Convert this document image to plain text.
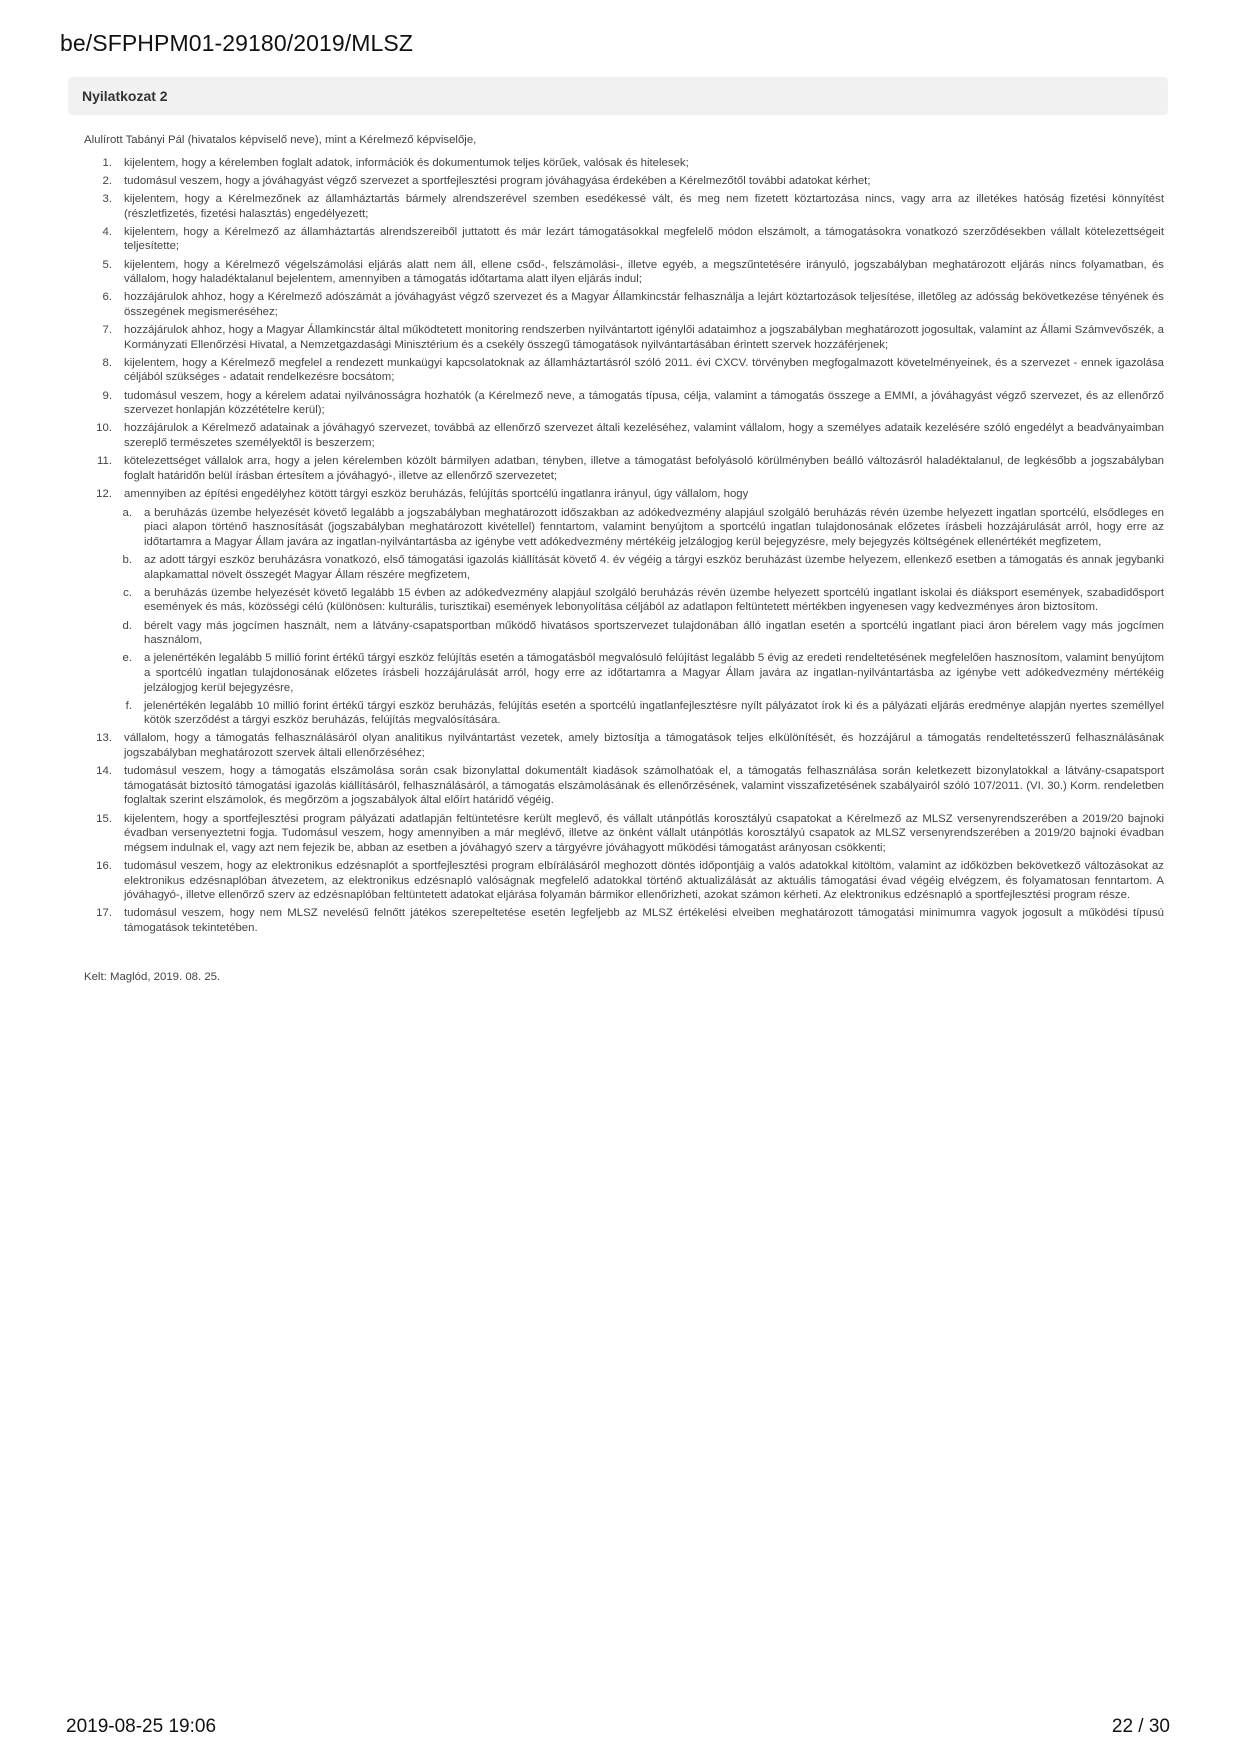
be/SFPHPM01-29180/2019/MLSZ
Nyilatkozat 2
Alulírott Tabányi Pál (hivatalos képviselő neve), mint a Kérelmező képviselője,
1. kijelentem, hogy a kérelemben foglalt adatok, információk és dokumentumok teljes körűek, valósak és hitelesek;
2. tudomásul veszem, hogy a jóváhagyást végző szervezet a sportfejlesztési program jóváhagyása érdekében a Kérelmezőtől további adatokat kérhet;
3. kijelentem, hogy a Kérelmezőnek az államháztartás bármely alrendszerével szemben esedékessé vált, és meg nem fizetett köztartozása nincs, vagy arra az illetékes hatóság fizetési könnyítést (részletfizetés, fizetési halasztás) engedélyezett;
4. kijelentem, hogy a Kérelmező az államháztartás alrendszereiből juttatott és már lezárt támogatásokkal megfelelő módon elszámolt, a támogatásokra vonatkozó szerződésekben vállalt kötelezettségeit teljesítette;
5. kijelentem, hogy a Kérelmező végelszámolási eljárás alatt nem áll, ellene csőd-, felszámolási-, illetve egyéb, a megszűntetésére irányuló, jogszabályban meghatározott eljárás nincs folyamatban, és vállalom, hogy haladéktalanul bejelentem, amennyiben a támogatás időtartama alatt ilyen eljárás indul;
6. hozzájárulok ahhoz, hogy a Kérelmező adószámát a jóváhagyást végző szervezet és a Magyar Államkincstár felhasználja a lejárt köztartozások teljesítése, illetőleg az adósság bekövetkezése tényének és összegének megismeréséhez;
7. hozzájárulok ahhoz, hogy a Magyar Államkincstár által működtetett monitoring rendszerben nyilvántartott igénylői adataimhoz a jogszabályban meghatározott jogosultak, valamint az Állami Számvevőszék, a Kormányzati Ellenőrzési Hivatal, a Nemzetgazdasági Minisztérium és a csekély összegű támogatások nyilvántartásában érintett szervek hozzáférjenek;
8. kijelentem, hogy a Kérelmező megfelel a rendezett munkaügyi kapcsolatoknak az államháztartásról szóló 2011. évi CXCV. törvényben megfogalmazott követelményeinek, és a szervezet - ennek igazolása céljából szükséges - adatait rendelkezésre bocsátom;
9. tudomásul veszem, hogy a kérelem adatai nyilvánosságra hozhatók (a Kérelmező neve, a támogatás típusa, célja, valamint a támogatás összege a EMMI, a jóváhagyást végző szervezet, és az ellenőrző szervezet honlapján közzétételre kerül);
10. hozzájárulok a Kérelmező adatainak a jóváhagyó szervezet, továbbá az ellenőrző szervezet általi kezeléséhez, valamint vállalom, hogy a személyes adataik kezelésére szóló engedélyt a beadványaimban szereplő természetes személyektől is beszerzem;
11. kötelezettséget vállalok arra, hogy a jelen kérelemben közölt bármilyen adatban, tényben, illetve a támogatást befolyásoló körülményben beálló változásról haladéktalanul, de legkésőbb a jogszabályban foglalt határidőn belül írásban értesítem a jóváhagyó-, illetve az ellenőrző szervezetet;
12. amennyiben az építési engedélyhez kötött tárgyi eszköz beruházás, felújítás sportcélú ingatlanra irányul, úgy vállalom, hogy
a. a beruházás üzembe helyezését követő legalább a jogszabályban meghatározott időszakban az adókedvezmény alapjául szolgáló beruházás révén üzembe helyezett ingatlan sportcélú, elsődleges en piaci alapon történő hasznosítását (jogszabályban meghatározott kivétellel) fenntartom, valamint benyújtom a sportcélú ingatlan tulajdonosának előzetes írásbeli hozzájárulását arról, hogy erre az időtartamra a Magyar Állam javára az ingatlan-nyilvántartásba az igénybe vett adókedvezmény mértékéig jelzálogjog kerül bejegyzésre, mely bejegyzés költségének ellenértékét megfizetem,
b. az adott tárgyi eszköz beruházásra vonatkozó, első támogatási igazolás kiállítását követő 4. év végéig a tárgyi eszköz beruházást üzembe helyezem, ellenkező esetben a támogatás és annak jegybanki alapkamattal növelt összegét Magyar Állam részére megfizetem,
c. a beruházás üzembe helyezését követő legalább 15 évben az adókedvezmény alapjául szolgáló beruházás révén üzembe helyezett sportcélú ingatlant iskolai és diáksport események, szabadidősport események és más, közösségi célú (különösen: kulturális, turisztikai) események lebonyolítása céljából az adatlapon feltüntetett mértékben ingyenesen vagy kedvezményes áron biztosítom.
d. bérelt vagy más jogcímen használt, nem a látvány-csapatsportban működő hivatásos sportszervezet tulajdonában álló ingatlan esetén a sportcélú ingatlant piaci áron bérelem vagy más jogcímen használom,
e. a jelenértékén legalább 5 millió forint értékű tárgyi eszköz felújítás esetén a támogatásból megvalósuló felújítást legalább 5 évig az eredeti rendeltetésének megfelelően hasznosítom, valamint benyújtom a sportcélú ingatlan tulajdonosának előzetes írásbeli hozzájárulását arról, hogy erre az időtartamra a Magyar Állam javára az ingatlan-nyilvántartásba az igénybe vett adókedvezmény mértékéig jelzálogjog kerül bejegyzésre,
f. jelenértékén legalább 10 millió forint értékű tárgyi eszköz beruházás, felújítás esetén a sportcélú ingatlanfejlesztésre nyílt pályázatot írok ki és a pályázati eljárás eredménye alapján nyertes személlyel kötök szerződést a tárgyi eszköz beruházás, felújítás megvalósítására.
13. vállalom, hogy a támogatás felhasználásáról olyan analitikus nyilvántartást vezetek, amely biztosítja a támogatások teljes elkülönítését, és hozzájárul a támogatás rendeltetésszerű felhasználásának jogszabályban meghatározott szervek általi ellenőrzéséhez;
14. tudomásul veszem, hogy a támogatás elszámolása során csak bizonylattal dokumentált kiadások számolhatóak el, a támogatás felhasználása során keletkezett bizonylatokkal a látvány-csapatsport támogatását biztosító támogatási igazolás kiállításáról, felhasználásáról, a támogatás elszámolásának és ellenőrzésének, valamint visszafizetésének szabályairól szóló 107/2011. (VI. 30.) Korm. rendeletben foglaltak szerint elszámolok, és megőrzöm a jogszabályok által előírt határidő végéig.
15. kijelentem, hogy a sportfejlesztési program pályázati adatlapján feltüntetésre került meglevő, és vállalt utánpótlás korosztályú csapatokat a Kérelmező az MLSZ versenyrendszerében a 2019/20 bajnoki évadban versenyeztetni fogja. Tudomásul veszem, hogy amennyiben a már meglévő, illetve az önként vállalt utánpótlás korosztályú csapatok az MLSZ versenyrendszerében a 2019/20 bajnoki évadban mégsem indulnak el, vagy azt nem fejezik be, abban az esetben a jóváhagyó szerv a tárgyévre jóváhagyott működési támogatást arányosan csökkenti;
16. tudomásul veszem, hogy az elektronikus edzésnaplót a sportfejlesztési program elbírálásáról meghozott döntés időpontjáig a valós adatokkal kitöltöm, valamint az időközben bekövetkező változásokat az elektronikus edzésnaplóban átvezetem, az elektronikus edzésnapló valóságnak megfelelő adatokkal történő aktualizálását az aktuális támogatási évad végéig elvégzem, és folyamatosan fenntartom. A jóváhagyó-, illetve ellenőrző szerv az edzésnaplóban feltüntetett adatokat eljárása folyamán bármikor ellenőrizheti, azokat számon kérheti. Az elektronikus edzésnapló a sportfejlesztési program része.
17. tudomásul veszem, hogy nem MLSZ nevelésű felnőtt játékos szerepeltetése esetén legfeljebb az MLSZ értékelési elveiben meghatározott támogatási minimumra vagyok jogosult a működési típusú támogatások tekintetében.
Kelt: Maglód, 2019. 08. 25.
2019-08-25 19:06	22 / 30
